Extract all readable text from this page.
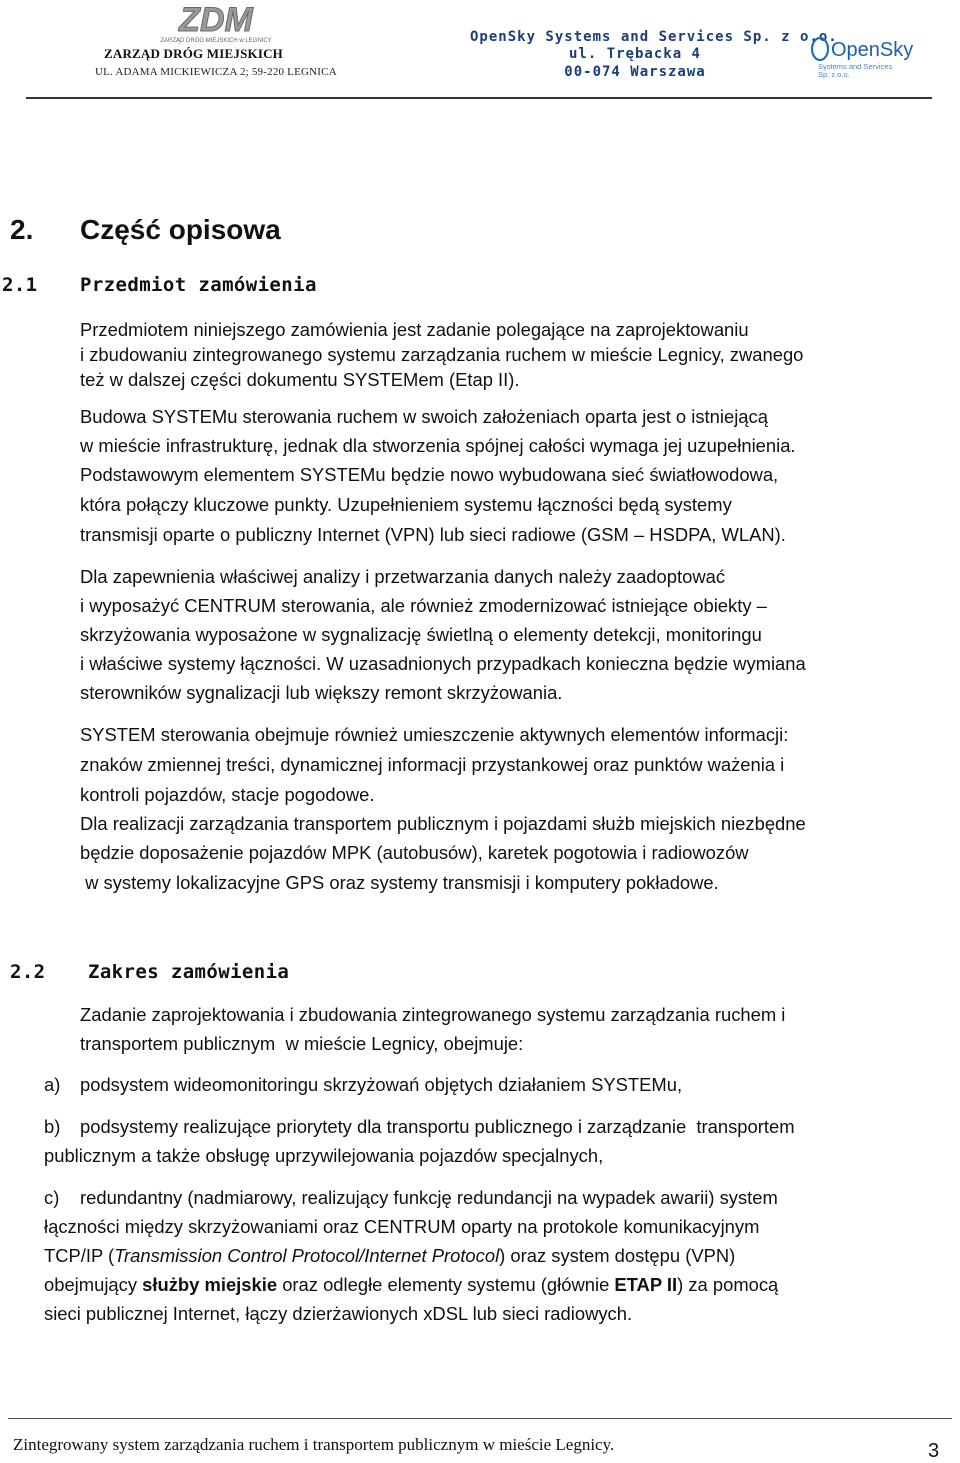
ZDM
ZARZĄD DRÓG MIEJSKICH w LEGNICY
ZARZĄD DRÓG MIEJSKICH
UL. ADAMA MICKIEWICZA 2; 59-220 LEGNICA
OpenSky Systems and Services Sp. z o.o.
ul. Trębacka 4
00-074 Warszawa
OpenSky
Systems and Services
Sp. z o.o.
2. Część opisowa
2.1 Przedmiot zamówienia
Przedmiotem niniejszego zamówienia jest zadanie polegające na zaprojektowaniu
i zbudowaniu zintegrowanego systemu zarządzania ruchem w mieście Legnicy, zwanego
też w dalszej części dokumentu SYSTEMem (Etap II).
Budowa SYSTEMu sterowania ruchem w swoich założeniach oparta jest o istniejącą
w mieście infrastrukturę, jednak dla stworzenia spójnej całości wymaga jej uzupełnienia.
Podstawowym elementem SYSTEMu będzie nowo wybudowana sieć światłowodowa,
która połączy kluczowe punkty. Uzupełnieniem systemu łączności będą systemy
transmisji oparte o publiczny Internet (VPN) lub sieci radiowe (GSM – HSDPA, WLAN).
Dla zapewnienia właściwej analizy i przetwarzania danych należy zaadoptować
i wyposażyć CENTRUM sterowania, ale również zmodernizować istniejące obiekty –
skrzyżowania wyposażone w sygnalizację świetlną o elementy detekcji, monitoringu
i właściwe systemy łączności. W uzasadnionych przypadkach konieczna będzie wymiana
sterowników sygnalizacji lub większy remont skrzyżowania.
SYSTEM sterowania obejmuje również umieszczenie aktywnych elementów informacji:
znaków zmiennej treści, dynamicznej informacji przystankowej oraz punktów ważenia i
kontroli pojazdów, stacje pogodowe.
Dla realizacji zarządzania transportem publicznym i pojazdami służb miejskich niezbędne
będzie doposażenie pojazdów MPK (autobusów), karetek pogotowia i radiowozów
w systemy lokalizacyjne GPS oraz systemy transmisji i komputery pokładowe.
2.2 Zakres zamówienia
Zadanie zaprojektowania i zbudowania zintegrowanego systemu zarządzania ruchem i
transportem publicznym  w mieście Legnicy, obejmuje:
a) podsystem wideomonitoringu skrzyżowań objętych działaniem SYSTEMu,
b) podsystemy realizujące priorytety dla transportu publicznego i zarządzanie  transportem
publicznym a także obsługę uprzywilejowania pojazdów specjalnych,
c) redundantny (nadmiarowy, realizujący funkcję redundancji na wypadek awarii) system
łączności między skrzyżowaniami oraz CENTRUM oparty na protokole komunikacyjnym
TCP/IP (Transmission Control Protocol/Internet Protocol) oraz system dostępu (VPN)
obejmujący służby miejskie oraz odległe elementy systemu (głównie ETAP II) za pomocą
sieci publicznej Internet, łączy dzierżawionych xDSL lub sieci radiowych.
Zintegrowany system zarządzania ruchem i transportem publicznym w mieście Legnicy.	3
